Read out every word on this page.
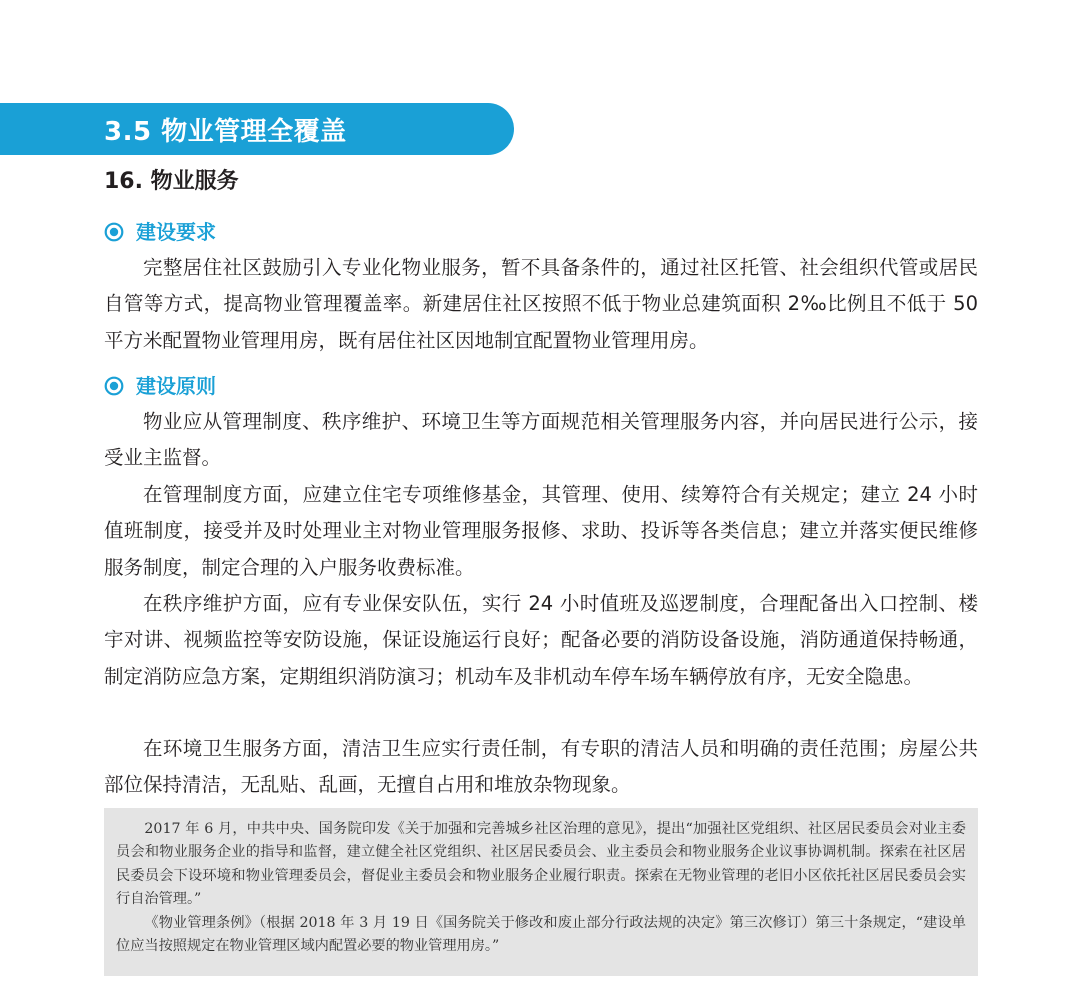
3.5 物业管理全覆盖
16. 物业服务
建设要求
完整居住社区鼓励引入专业化物业服务，暂不具备条件的，通过社区托管、社会组织代管或居民自管等方式，提高物业管理覆盖率。新建居住社区按照不低于物业总建筑面积 2‰比例且不低于 50 平方米配置物业管理用房，既有居住社区因地制宜配置物业管理用房。
建设原则
物业应从管理制度、秩序维护、环境卫生等方面规范相关管理服务内容，并向居民进行公示，接受业主监督。
在管理制度方面，应建立住宅专项维修基金，其管理、使用、续筹符合有关规定；建立 24 小时值班制度，接受并及时处理业主对物业管理服务报修、求助、投诉等各类信息；建立并落实便民维修服务制度，制定合理的入户服务收费标准。
在秩序维护方面，应有专业保安队伍，实行 24 小时值班及巡逻制度，合理配备出入口控制、楼宇对讲、视频监控等安防设施，保证设施运行良好；配备必要的消防设备设施，消防通道保持畅通，制定消防应急方案，定期组织消防演习；机动车及非机动车停车场车辆停放有序，无安全隐患。
在环境卫生服务方面，清洁卫生应实行责任制，有专职的清洁人员和明确的责任范围；房屋公共部位保持清洁，无乱贴、乱画，无擅自占用和堆放杂物现象。

2017 年 6 月，中共中央、国务院印发《关于加强和完善城乡社区治理的意见》，提出“加强社区党组织、社区居民委员会对业主委员会和物业服务企业的指导和监督，建立健全社区党组织、社区居民委员会、业主委员会和物业服务企业议事协调机制。探索在社区居民委员会下设环境和物业管理委员会，督促业主委员会和物业服务企业履行职责。探索在无物业管理的老旧小区依托社区居民委员会实行自治管理。”

《物业管理条例》（根据 2018 年 3 月 19 日《国务院关于修改和废止部分行政法规的决定》第三次修订）第三十条规定，“建设单位应当按照规定在物业管理区域内配置必要的物业管理用房。”
